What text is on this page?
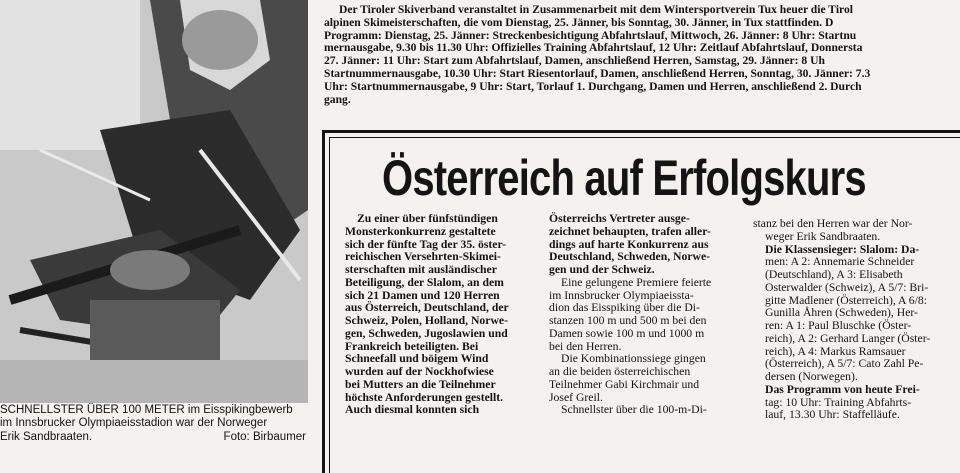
SCHNELLSTER ÜBER 100 METER im Eisspikingbewerb
im Innsbrucker Olympiaeisstadion war der Norweger
Erik Sandbraaten.	Foto: Birbaumer
Der Tiroler Skiverband veranstaltet in Zusammenarbeit mit dem Wintersportverein Tux heuer die Tirol
alpinen Skimeisterschaften, die vom Dienstag, 25. Jänner, bis Sonntag, 30. Jänner, in Tux stattfinden. D
Programm: Dienstag, 25. Jänner: Streckenbesichtigung Abfahrtslauf, Mittwoch, 26. Jänner: 8 Uhr: Startnu
mernausgabe, 9.30 bis 11.30 Uhr: Offizielles Training Abfahrtslauf, 12 Uhr: Zeitlauf Abfahrtslauf, Donnersta
27. Jänner: 11 Uhr: Start zum Abfahrtslauf, Damen, anschließend Herren, Samstag, 29. Jänner: 8 Uh
Startnummernausgabe, 10.30 Uhr: Start Riesentorlauf, Damen, anschließend Herren, Sonntag, 30. Jänner: 7.3
Uhr: Startnummernausgabe, 9 Uhr: Start, Torlauf 1. Durchgang, Damen und Herren, anschließend 2. Durch
gang.
Österreich auf Erfolgskurs
Zu einer über fünfstündigen
Monsterkonkurrenz gestaltete
sich der fünfte Tag der 35. öster-
reichischen Versehrten-Skimei-
sterschaften mit ausländischer
Beteiligung, der Slalom, an dem
sich 21 Damen und 120 Herren
aus Österreich, Deutschland, der
Schweiz, Polen, Holland, Norwe-
gen, Schweden, Jugoslawien und
Frankreich beteiligten. Bei
Schneefall und böigem Wind
wurden auf der Nockhofwiese
bei Mutters an die Teilnehmer
höchste Anforderungen gestellt.
Auch diesmal konnten sich
Österreichs Vertreter ausge-
zeichnet behaupten, trafen aller-
dings auf harte Konkurrenz aus
Deutschland, Schweden, Norwe-
gen und der Schweiz.
Eine gelungene Premiere feierte
im Innsbrucker Olympiaeissta-
dion das Eisspiking über die Di-
stanzen 100 m und 500 m bei den
Damen sowie 100 m und 1000 m
bei den Herren.
Die Kombinationssiege gingen
an die beiden österreichischen
Teilnehmer Gabi Kirchmair und
Josef Greil.
Schnellster über die 100-m-Di-
stanz bei den Herren war der Nor-
weger Erik Sandbraaten.
Die Klassensieger: Slalom: Da-
men: A 2: Annemarie Schneider
(Deutschland), A 3: Elisabeth
Osterwalder (Schweiz), A 5/7: Bri-
gitte Madlener (Österreich), A 6/8:
Gunilla Åhren (Schweden), Her-
ren: A 1: Paul Bluschke (Öster-
reich), A 2: Gerhard Langer (Öster-
reich), A 4: Markus Ramsauer
(Österreich), A 5/7: Cato Zahl Pe-
dersen (Norwegen).
Das Programm von heute Frei-
tag: 10 Uhr: Training Abfahrts-
lauf, 13.30 Uhr: Staffelläufe.
